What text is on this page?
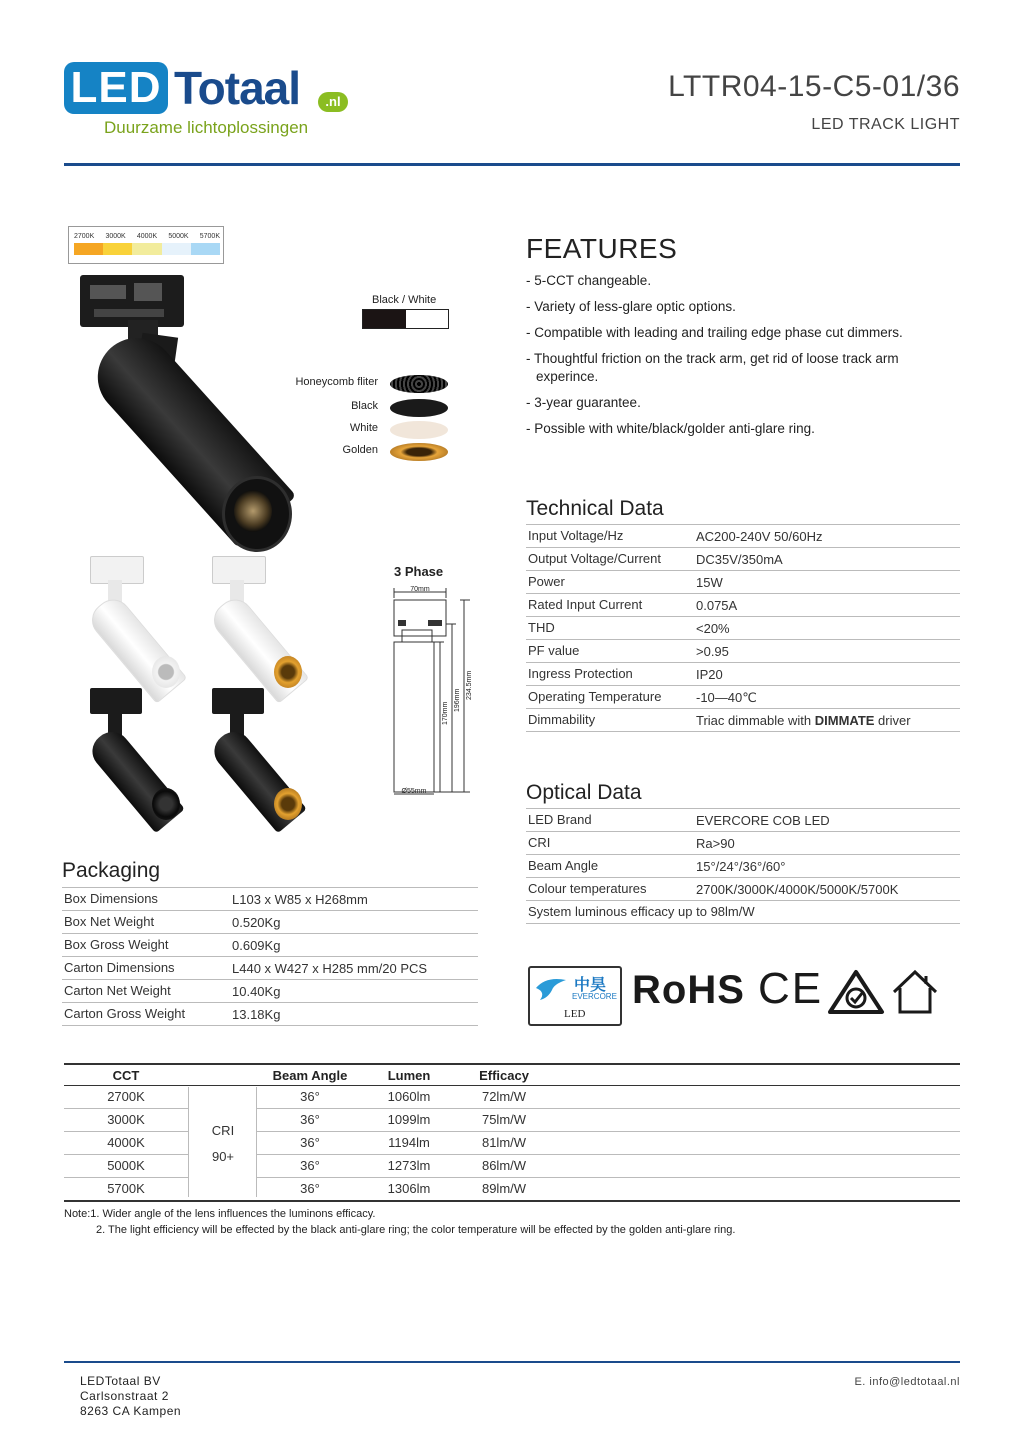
LED Totaal	.nl
Duurzame lichtoplossingen
LTTR04-15-C5-01/36
LED TRACK LIGHT
2700K 3000K 4000K 5000K 5700K
Black / White
Honeycomb fliter
Black
White
Golden
3 Phase
70mm
Ø55mm
170mm
196mm
234.5mm
FEATURES
- 5-CCT changeable.
- Variety of less-glare optic options.
- Compatible with leading and trailing edge phase cut dimmers.
- Thoughtful friction on the track arm, get rid of loose track arm experince.
- 3-year guarantee.
- Possible with white/black/golder anti-glare ring.
Technical Data
Input Voltage/Hz	AC200-240V 50/60Hz
Output Voltage/Current	DC35V/350mA
Power	15W
Rated Input Current	0.075A
THD	<20%
PF value	>0.95
Ingress Protection	IP20
Operating Temperature	-10—40℃
Dimmability	Triac dimmable with DIMMATE driver
Optical Data
LED Brand	EVERCORE COB LED
CRI	Ra>90
Beam Angle	15°/24°/36°/60°
Colour temperatures	2700K/3000K/4000K/5000K/5700K
System luminous efficacy up to 98lm/W
Packaging
Box Dimensions	L103 x W85 x H268mm
Box Net Weight	0.520Kg
Box Gross Weight	0.609Kg
Carton Dimensions	L440 x W427 x H285 mm/20 PCS
Carton Net Weight	10.40Kg
Carton Gross Weight	13.18Kg
中昊
EVERCORE
LED
RoHS CE
CCT	Beam Angle	Lumen	Efficacy
2700K	36°	1060lm	72lm/W
3000K	36°	1099lm	75lm/W
4000K	36°	1194lm	81lm/W
5000K	36°	1273lm	86lm/W
5700K	36°	1306lm	89lm/W
CRI
90+
Note:1. Wider angle of the lens influences the luminons efficacy.
2. The light efficiency will be effected by the black anti-glare ring; the color temperature will be effected by the golden anti-glare ring.
LEDTotaal BV
Carlsonstraat 2
8263 CA Kampen
E. info@ledtotaal.nl
